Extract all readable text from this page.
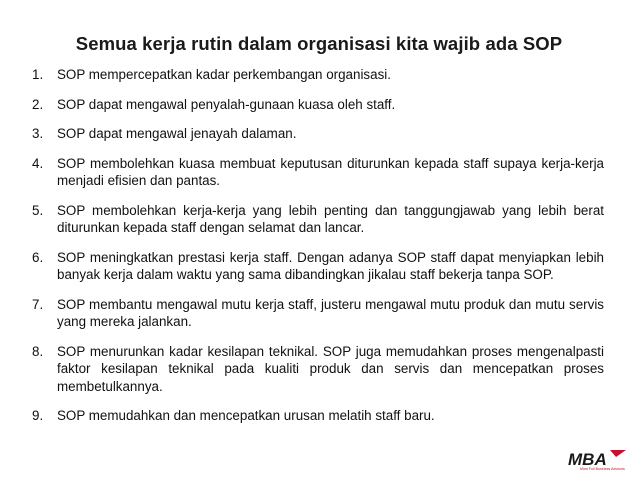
Semua kerja rutin dalam organisasi kita wajib ada SOP
1.	SOP mempercepatkan kadar perkembangan organisasi.
2.	SOP dapat mengawal penyalah-gunaan kuasa oleh staff.
3.	SOP dapat mengawal jenayah dalaman.
4.	SOP membolehkan kuasa membuat keputusan diturunkan kepada staff supaya kerja-kerja menjadi efisien dan pantas.
5.	SOP membolehkan kerja-kerja yang lebih penting dan tanggungjawab yang lebih berat diturunkan kepada staff dengan selamat dan lancar.
6.	SOP meningkatkan prestasi kerja staff. Dengan adanya SOP staff dapat menyiapkan lebih banyak kerja dalam waktu yang sama dibandingkan jikalau staff bekerja tanpa SOP.
7.	SOP membantu mengawal mutu kerja staff, justeru mengawal mutu produk dan mutu servis yang mereka jalankan.
8.	SOP menurunkan kadar kesilapan teknikal. SOP juga memudahkan proses mengenalpasti faktor kesilapan teknikal pada kualiti produk dan servis dan mencepatkan proses membetulkannya.
9.	SOP memudahkan dan mencepatkan urusan melatih staff baru.
MBA
Mind Full Business Advisors
